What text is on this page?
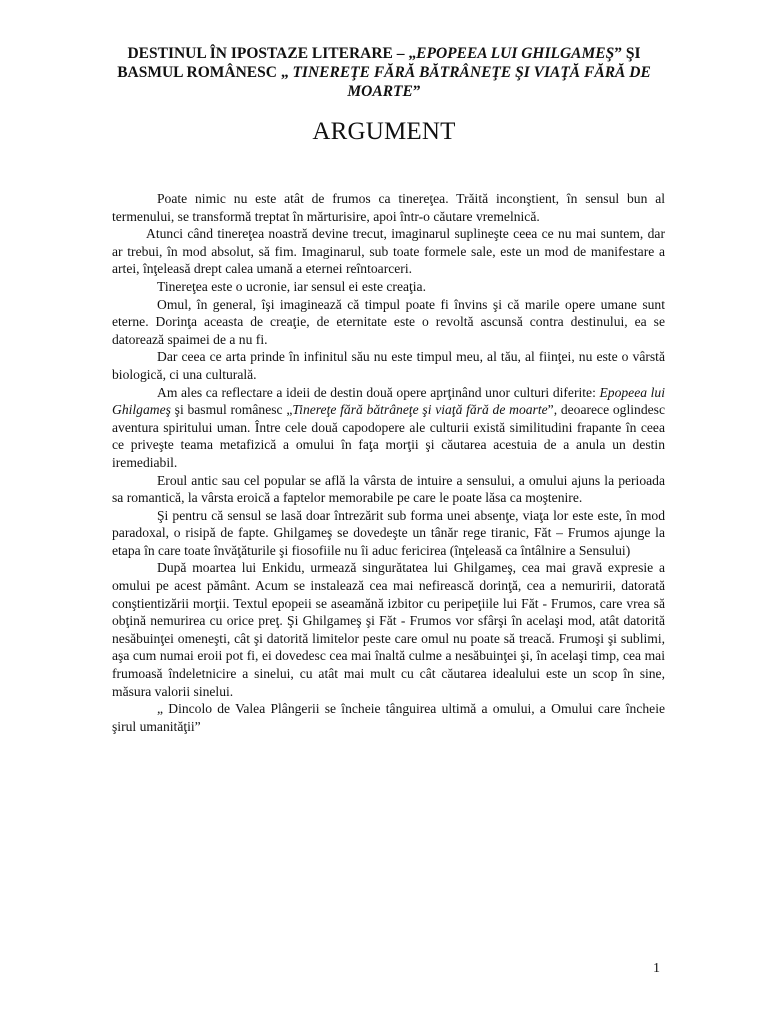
DESTINUL ÎN IPOSTAZE LITERARE – „EPOPEEA LUI GHILGAMEŞ” ŞI
BASMUL ROMÂNESC „ TINEREŢE FĂRĂ BĂTRÂNEŢE ŞI VIAŢĂ FĂRĂ DE MOARTE”
ARGUMENT

Poate nimic nu este atât de frumos ca tinereţea. Trăită inconştient, în sensul bun al termenului, se transformă treptat în mărturisire, apoi într-o căutare vremelnică.

Atunci când tinereţea noastră devine trecut, imaginarul suplineşte ceea ce nu mai suntem, dar ar trebui, în mod absolut, să fim. Imaginarul, sub toate formele sale, este un mod de manifestare a artei, înţeleasă drept calea umană a eternei reîntoarceri.

Tinereţea este o ucronie, iar sensul ei este creaţia.

Omul, în general, îşi imaginează că timpul poate fi învins şi că marile opere umane sunt eterne. Dorinţa aceasta de creaţie, de eternitate este o revoltă ascunsă contra destinului, ea se datorează spaimei de a nu fi.

Dar ceea ce arta prinde în infinitul său nu este timpul meu, al tău, al fiinţei, nu este o vârstă biologică, ci una culturală.

Am ales ca reflectare a ideii de destin două opere aprţinând unor culturi diferite: Epopeea lui Ghilgameş şi basmul românesc „Tinereţe fără bătrâneţe şi viaţă fără de moarte”, deoarece oglindesc aventura spiritului uman. Între cele două capodopere ale culturii există similitudini frapante în ceea ce priveşte teama metafizică a omului în faţa morţii şi căutarea acestuia de a anula un destin iremediabil.

Eroul antic sau cel popular se află la vârsta de intuire a sensului, a omului ajuns la perioada sa romantică, la vârsta eroică a faptelor memorabile pe care le poate lăsa ca moştenire.

Şi pentru că sensul se lasă doar întrezărit sub forma unei absenţe, viaţa lor este este, în mod paradoxal, o risipă de fapte. Ghilgameş se dovedeşte un tânăr rege tiranic, Făt – Frumos ajunge la etapa în care toate învăţăturile şi fiosofiile nu îi aduc fericirea (înţeleasă ca întâlnire a Sensului)

După moartea lui Enkidu, urmează singurătatea lui Ghilgameş, cea mai gravă expresie a omului pe acest pământ. Acum se instalează cea mai nefirească dorinţă, cea a nemuririi, datorată conştientizării morţii. Textul epopeii se aseamănă izbitor cu peripeţiile lui Făt - Frumos, care vrea să obţină nemurirea cu orice preţ. Şi Ghilgameş şi Făt - Frumos vor sfârşi în acelaşi mod, atât datorită nesăbuinţei omeneşti, cât şi datorită limitelor peste care omul nu poate să treacă. Frumoşi şi sublimi, aşa cum numai eroii pot fi, ei dovedesc cea mai înaltă culme a nesăbuinţei şi, în acelaşi timp, cea mai frumoasă îndeletnicire a sinelui, cu atât mai mult cu cât căutarea idealului este un scop în sine, măsura valorii sinelui.

„ Dincolo de Valea Plângerii se încheie tânguirea ultimă a omului, a Omului care încheie şirul umanităţii”

1
